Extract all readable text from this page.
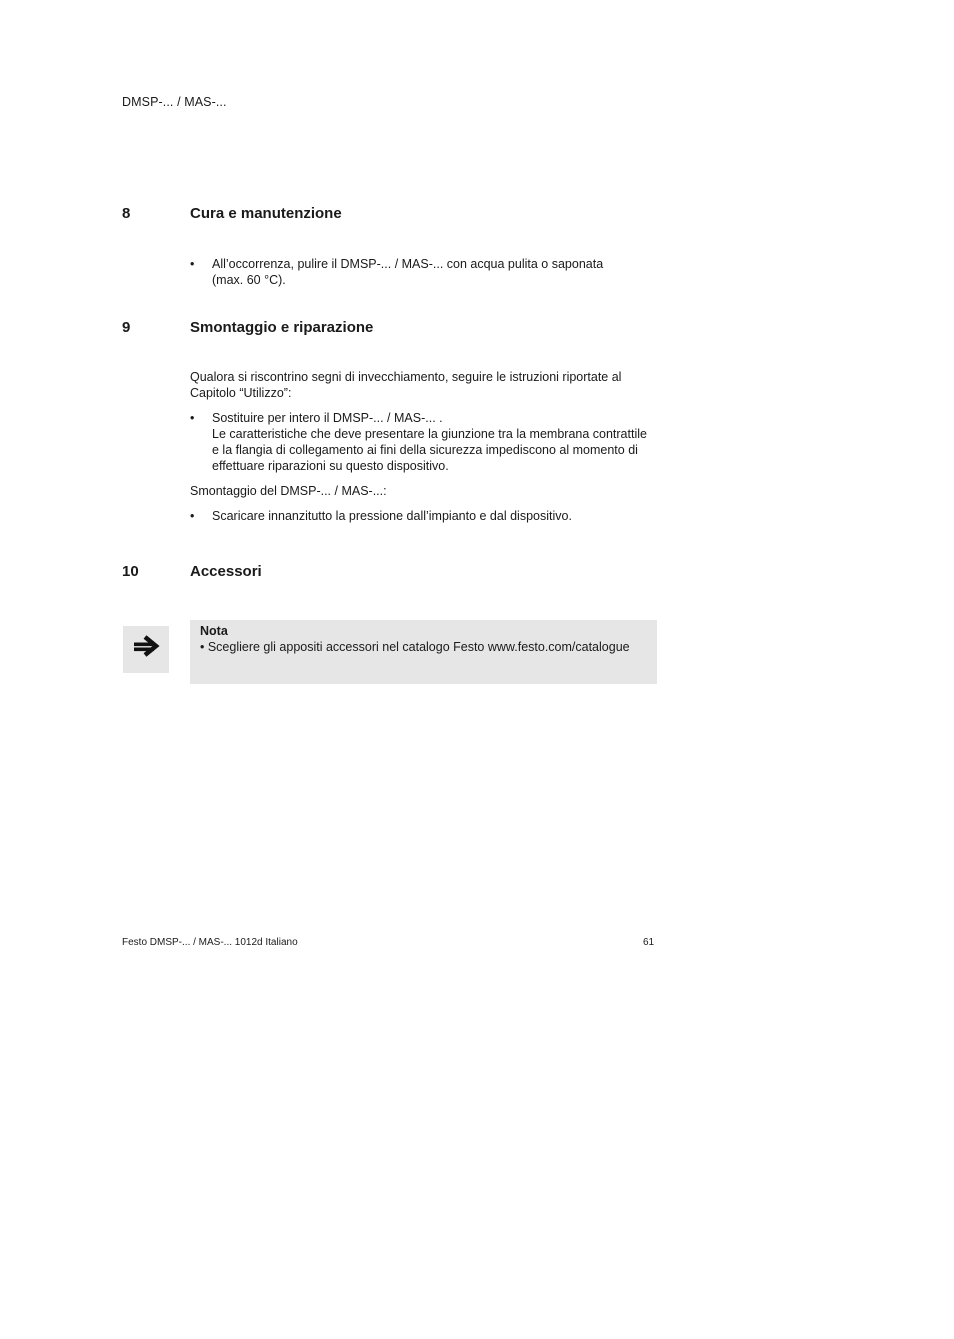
DMSP-... / MAS-...
8	Cura e manutenzione
•	All’occorrenza, pulire il DMSP-... / MAS-... con acqua pulita o saponata
(max. 60 °C).
9	Smontaggio e riparazione
Qualora si riscontrino segni di invecchiamento, seguire le istruzioni riportate al
Capitolo “Utilizzo”:
•	Sostituire per intero il DMSP-... / MAS-... .
Le caratteristiche che deve presentare la giunzione tra la membrana contrattile
e la flangia di collegamento ai fini della sicurezza impediscono al momento di
effettuare riparazioni su questo dispositivo.
Smontaggio del DMSP-... / MAS-...:
•	Scaricare innanzitutto la pressione dall’impianto e dal dispositivo.
10	Accessori
Nota
• Scegliere gli appositi accessori nel catalogo Festo www.festo.com/catalogue
Festo DMSP-... / MAS-... 1012d Italiano	61
